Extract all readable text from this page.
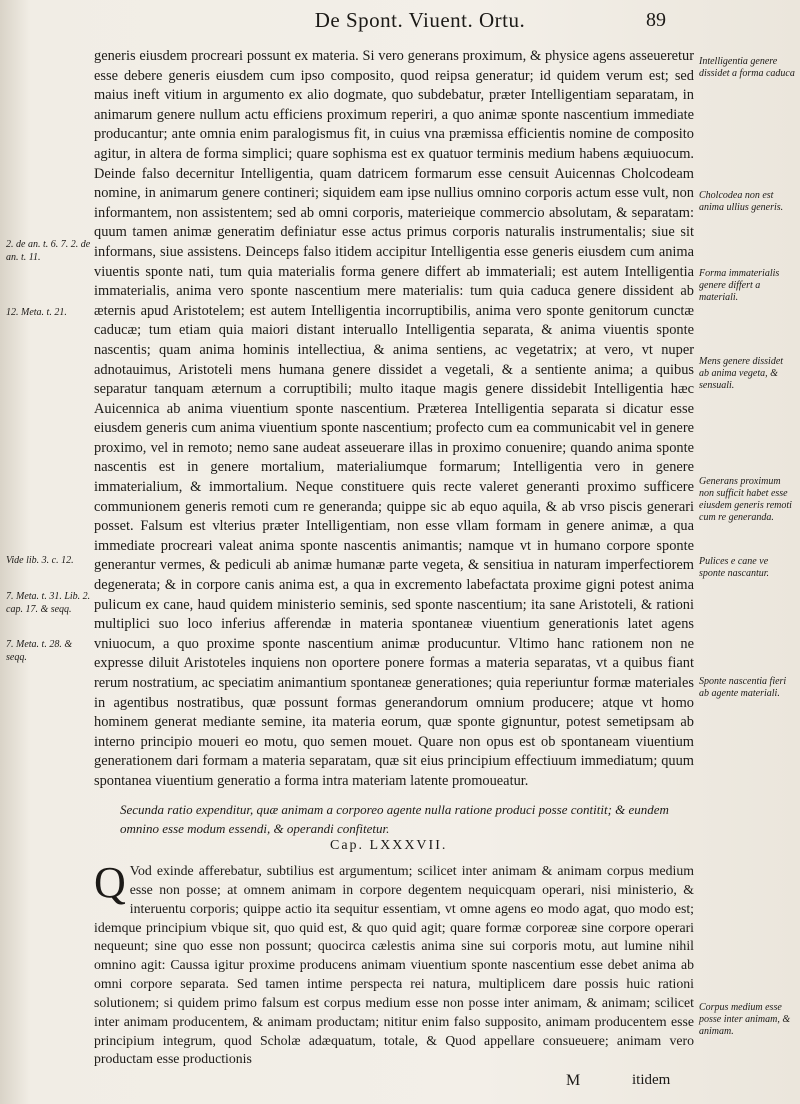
De Spont. Viuent. Ortu.	89
2. de an. t. 6. 7. 2. de an. t. 11.
12. Meta. t. 21.
Vide lib. 3. c. 12.
7. Meta. t. 31. Lib. 2. cap. 17. & seqq.
7. Meta. t. 28. & seqq.
Intelligentia genere dissidet a forma caduca
Cholcodea non est anima ullius generis.
Forma immaterialis genere differt a materiali.
Mens genere dissidet ab anima vegeta, & sensuali.
Generans proximum non sufficit habet esse eiusdem generis remoti cum re generanda.
Pulices e cane ve sponte nascantur.
Sponte nascentia fieri ab agente materiali.
Corpus medium esse posse inter animam, & animam.

generis eiusdem procreari possunt ex materia. Si vero generans proximum, & physice agens asseueretur esse debere generis eiusdem cum ipso composito, quod reipsa generatur; id quidem verum est; sed maius ineft vitium in argumento ex alio dogmate, quo subdebatur, præter Intelligentiam separatam, in animarum genere nullum actu efficiens proximum reperiri, a quo animæ sponte nascentium immediate producantur; ante omnia enim paralogismus fit, in cuius vna præmissa efficientis nomine de composito agitur, in altera de forma simplici; quare sophisma est ex quatuor terminis medium habens æquiuocum. Deinde falso decernitur Intelligentia, quam datricem formarum esse censuit Auicennas Cholcodeam nomine, in animarum genere contineri; siquidem eam ipse nullius omnino corporis actum esse vult, non informantem, non assistentem; sed ab omni corporis, materieique commercio absolutam, & separatam: quum tamen animæ generatim definiatur esse actus primus corporis naturalis instrumentalis; siue sit informans, siue assistens. Deinceps falso itidem accipitur Intelligentia esse generis eiusdem cum anima viuentis sponte nati, tum quia materialis forma genere differt ab immateriali; est autem Intelligentia immaterialis, anima vero sponte nascentium mere materialis: tum quia caduca genere dissident ab æternis apud Aristotelem; est autem Intelligentia incorruptibilis, anima vero sponte genitorum cunctæ caducæ; tum etiam quia maiori distant interuallo Intelligentia separata, & anima viuentis sponte nascentis; quam anima hominis intellectiua, & anima sentiens, ac vegetatrix; at vero, vt nuper adnotauimus, Aristoteli mens humana genere dissidet a vegetali, & a sentiente anima; a quibus separatur tanquam æternum a corruptibili; multo itaque magis genere dissidebit Intelligentia hæc Auicennica ab anima viuentium sponte nascentium. Præterea Intelligentia separata si dicatur esse eiusdem generis cum anima viuentium sponte nascentium; profecto cum ea communicabit vel in genere proximo, vel in remoto; nemo sane audeat asseuerare illas in proximo conuenire; quando anima sponte nascentis est in genere mortalium, materialiumque formarum; Intelligentia vero in genere immaterialium, & immortalium. Neque constituere quis recte valeret generanti proximo sufficere communionem generis remoti cum re generanda; quippe sic ab equo aquila, & ab vrso piscis generari posset. Falsum est vlterius præter Intelligentiam, non esse vllam formam in genere animæ, a qua immediate procreari valeat anima sponte nascentis animantis; namque vt in humano corpore sponte generantur vermes, & pediculi ab animæ humanæ parte vegeta, & sensitiua in naturam imperfectiorem degenerata; & in corpore canis anima est, a qua in excremento labefactata proxime gigni potest anima pulicum ex cane, haud quidem ministerio seminis, sed sponte nascentium; ita sane Aristoteli, & rationi multiplici suo loco inferius afferendæ in materia spontaneæ viuentium generationis latet agens vniuocum, a quo proxime sponte nascentium animæ producuntur. Vltimo hanc rationem non ne expresse diluit Aristoteles inquiens non oportere ponere formas a materia separatas, vt a quibus fiant rerum nostratium, ac speciatim animantium spontaneæ generationes; quia reperiuntur formæ materiales in agentibus nostratibus, quæ possunt formas generandorum omnium producere; atque vt homo hominem generat mediante semine, ita materia eorum, quæ sponte gignuntur, potest semetipsam ab interno principio moueri eo motu, quo semen mouet. Quare non opus est ob spontaneam viuentium generationem dari formam a materia separatam, quæ sit eius principium effectiuum immediatum; quum spontanea viuentium generatio a forma intra materiam latente promoueatur.

Secunda ratio expenditur, quæ animam a corporeo agente nulla ratione produci posse contitit; & eundem omnino esse modum essendi, & operandi confitetur.
Cap. LXXXVII.
Q Vod exinde afferebatur, subtilius est argumentum; scilicet inter animam & animam corpus medium esse non posse; at omnem animam in corpore degentem nequicquam operari, nisi ministerio, & interuentu corporis; quippe actio ita sequitur essentiam, vt omne agens eo modo agat, quo modo est; idemque principium vbique sit, quo quid est, & quo quid agit; quare formæ corporeæ sine corpore operari nequeunt; sine quo esse non possunt; quocirca cælestis anima sine sui corporis motu, aut lumine nihil omnino agit: Caussa igitur proxime producens animam viuentium sponte nascentium esse debet anima ab omni corpore separata. Sed tamen intime perspecta rei natura, multiplicem dare possis huic rationi solutionem; si quidem primo falsum est corpus medium esse non posse inter animam, & animam; scilicet inter animam producentem, & animam productam; nititur enim falso supposito, animam producentem esse principium integrum, quod Scholæ adæquatum, totale, & Quod appellare consueuere; animam vero productam esse productionis
M	itidem
